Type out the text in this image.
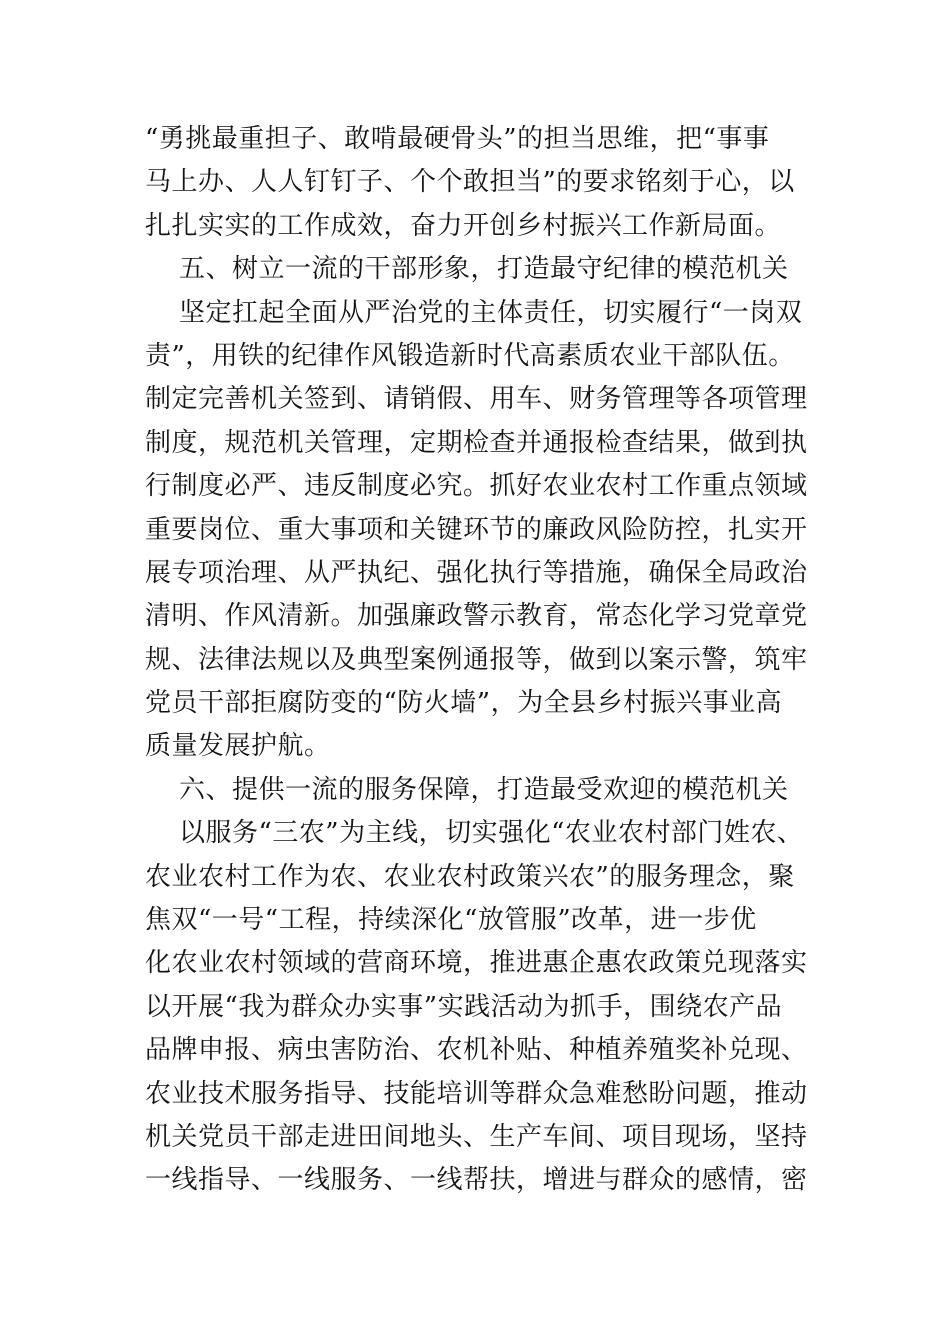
“勇挑最重担子、敢啃最硬骨头”的担当思维，把“事事
马上办、人人钉钉子、个个敢担当”的要求铭刻于心，以
扎扎实实的工作成效，奋力开创乡村振兴工作新局面。
五、树立一流的干部形象，打造最守纪律的模范机关
坚定扛起全面从严治党的主体责任，切实履行“一岗双
责”，用铁的纪律作风锻造新时代高素质农业干部队伍。
制定完善机关签到、请销假、用车、财务管理等各项管理
制度，规范机关管理，定期检查并通报检查结果，做到执
行制度必严、违反制度必究。抓好农业农村工作重点领域
重要岗位、重大事项和关键环节的廉政风险防控，扎实开
展专项治理、从严执纪、强化执行等措施，确保全局政治
清明、作风清新。加强廉政警示教育，常态化学习党章党
规、法律法规以及典型案例通报等，做到以案示警，筑牢
党员干部拒腐防变的“防火墙”，为全县乡村振兴事业高
质量发展护航。
六、提供一流的服务保障，打造最受欢迎的模范机关
以服务“三农”为主线，切实强化“农业农村部门姓农、
农业农村工作为农、农业农村政策兴农”的服务理念，聚
焦双“一号“工程，持续深化“放管服”改革，进一步优
化农业农村领域的营商环境，推进惠企惠农政策兑现落实
以开展“我为群众办实事”实践活动为抓手，围绕农产品
品牌申报、病虫害防治、农机补贴、种植养殖奖补兑现、
农业技术服务指导、技能培训等群众急难愁盼问题，推动
机关党员干部走进田间地头、生产车间、项目现场，坚持
一线指导、一线服务、一线帮扶，增进与群众的感情，密
